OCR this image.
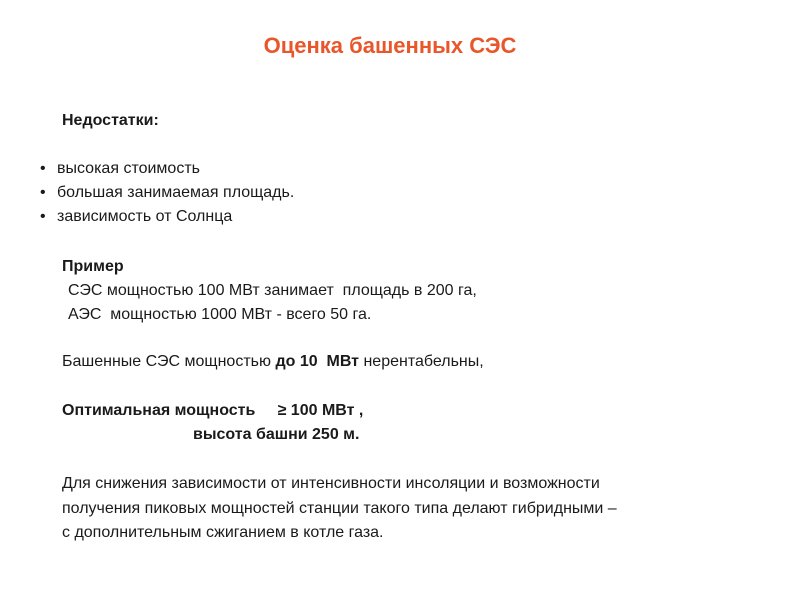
Оценка башенных СЭС
Недостатки:
• высокая стоимость
• большая занимаемая площадь.
• зависимость от Солнца
Пример
СЭС мощностью 100 МВт занимает  площадь в 200 га,
АЭС  мощностью 1000 МВт - всего 50 га.
Башенные СЭС мощностью до 10  МВт нерентабельны,
Оптимальная мощность     ≥ 100 МВт ,
высота башни 250 м.
Для снижения зависимости от интенсивности инсоляции и возможности
получения пиковых мощностей станции такого типа делают гибридными –
с дополнительным сжиганием в котле газа.
